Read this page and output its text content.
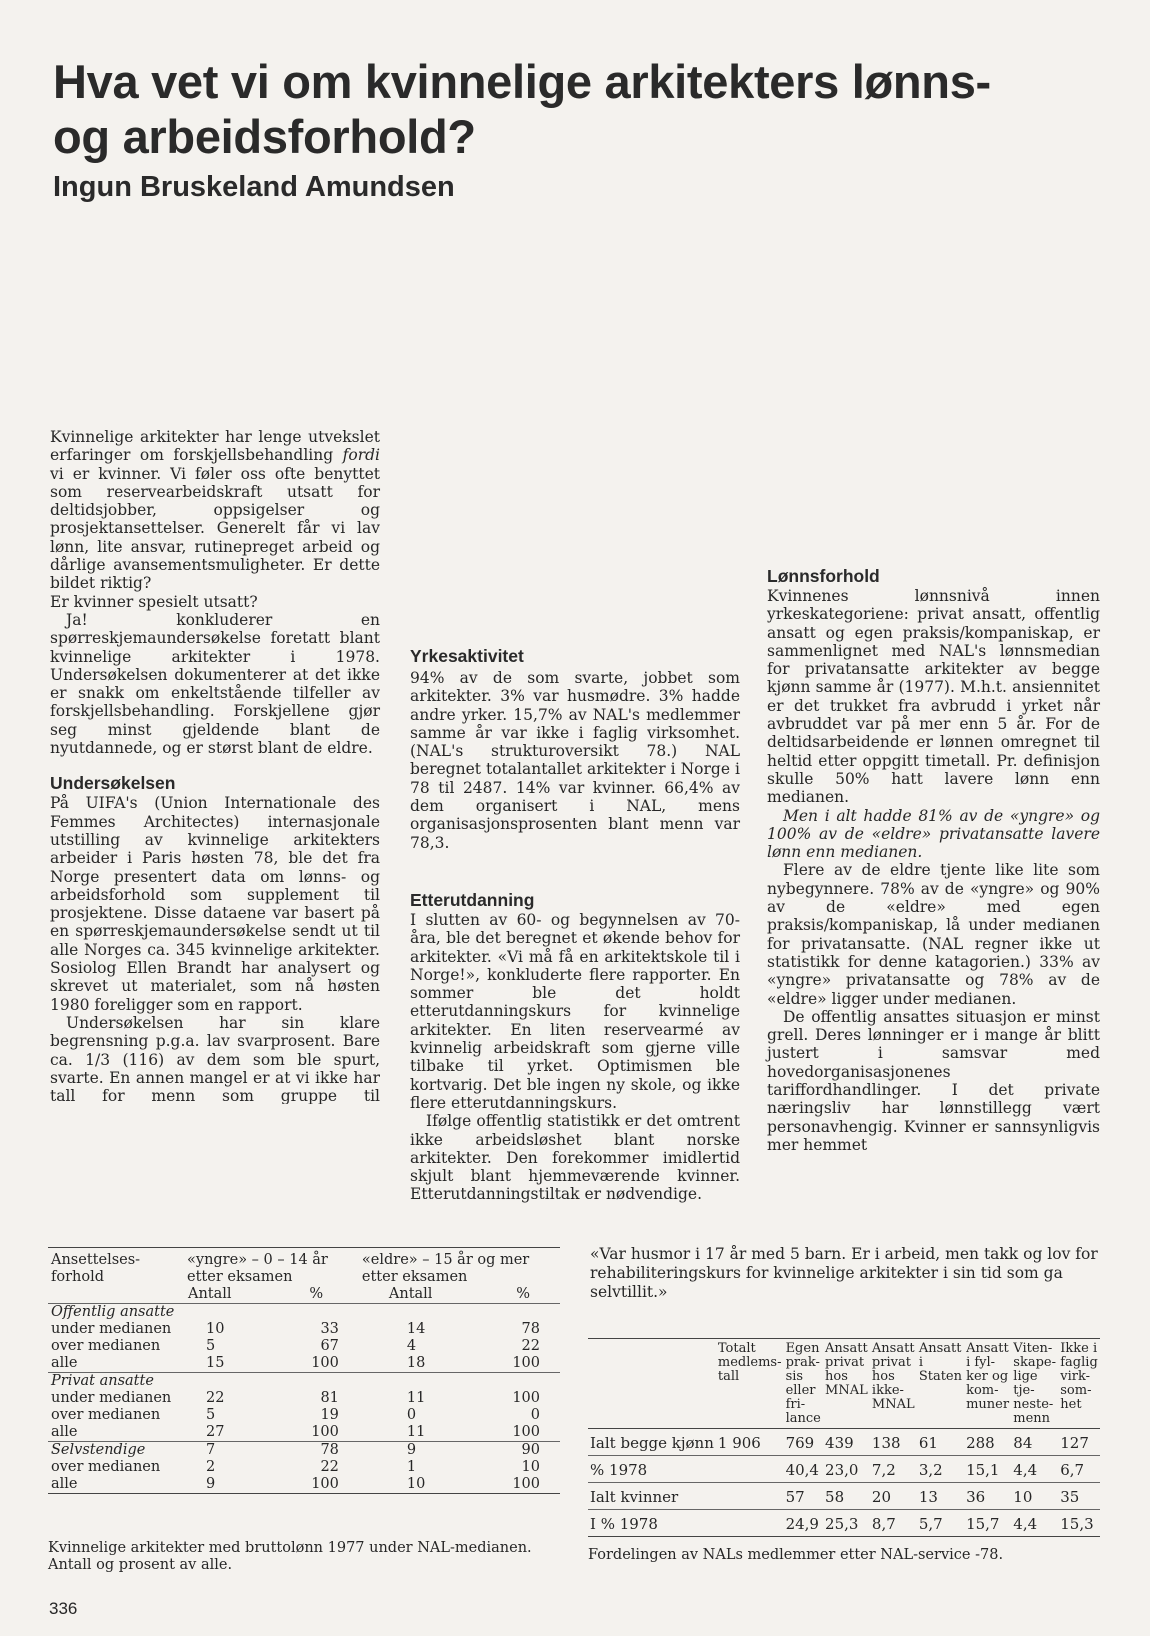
Hva vet vi om kvinnelige arkitekters lønns- og arbeidsforhold?
Ingun Bruskeland Amundsen

Kvinnelige arkitekter har lenge utvekslet erfaringer om forskjellsbehandling fordi vi er kvinner. Vi føler oss ofte benyttet som reservearbeidskraft utsatt for deltidsjobber, oppsigelser og prosjektansettelser. Generelt får vi lav lønn, lite ansvar, rutinepreget arbeid og dårlige avansementsmuligheter. Er dette bildet riktig?

Er kvinner spesielt utsatt?

Ja! konkluderer en spørreskjemaundersøkelse foretatt blant kvinnelige arkitekter i 1978. Undersøkelsen dokumenterer at det ikke er snakk om enkeltstående tilfeller av forskjellsbehandling. Forskjellene gjør seg minst gjeldende blant de nyutdannede, og er størst blant de eldre.

Undersøkelsen

På UIFA's (Union Internationale des Femmes Architectes) internasjonale utstilling av kvinnelige arkitekters arbeider i Paris høsten 78, ble det fra Norge presentert data om lønns- og arbeidsforhold som supplement til prosjektene. Disse dataene var basert på en spørreskjemaundersøkelse sendt ut til alle Norges ca. 345 kvinnelige arkitekter. Sosiolog Ellen Brandt har analysert og skrevet ut materialet, som nå høsten 1980 foreligger som en rapport.

Undersøkelsen har sin klare begrensning p.g.a. lav svarprosent. Bare ca. 1/3 (116) av dem som ble spurt, svarte. En annen mangel er at vi ikke har tall for menn som gruppe til

Yrkesaktivitet

94% av de som svarte, jobbet som arkitekter. 3% var husmødre. 3% hadde andre yrker. 15,7% av NAL's medlemmer samme år var ikke i faglig virksomhet. (NAL's strukturoversikt 78.) NAL beregnet totalantallet arkitekter i Norge i 78 til 2487. 14% var kvinner. 66,4% av dem organisert i NAL, mens organisasjonsprosenten blant menn var 78,3.

Etterutdanning

I slutten av 60- og begynnelsen av 70-åra, ble det beregnet et økende behov for arkitekter. «Vi må få en arkitektskole til i Norge!», konkluderte flere rapporter. En sommer ble det holdt etterutdanningskurs for kvinnelige arkitekter. En liten reservearmé av kvinnelig arbeidskraft som gjerne ville tilbake til yrket. Optimismen ble kortvarig. Det ble ingen ny skole, og ikke flere etterutdanningskurs.

Ifølge offentlig statistikk er det omtrent ikke arbeidsløshet blant norske arkitekter. Den forekommer imidlertid skjult blant hjemmeværende kvinner. Etterutdanningstiltak er nødvendige.

Lønnsforhold

Kvinnenes lønnsnivå innen yrkeskategoriene: privat ansatt, offentlig ansatt og egen praksis/kompaniskap, er sammenlignet med NAL's lønnsmedian for privatansatte arkitekter av begge kjønn samme år (1977). M.h.t. ansiennitet er det trukket fra avbrudd i yrket når avbruddet var på mer enn 5 år. For de deltidsarbeidende er lønnen omregnet til heltid etter oppgitt timetall. Pr. definisjon skulle 50% hatt lavere lønn enn medianen.

Men i alt hadde 81% av de «yngre» og 100% av de «eldre» privatansatte lavere lønn enn medianen.

Flere av de eldre tjente like lite som nybegynnere. 78% av de «yngre» og 90% av de «eldre» med egen praksis/kompaniskap, lå under medianen for privatansatte. (NAL regner ikke ut statistikk for denne katagorien.) 33% av «yngre» privatansatte og 78% av de «eldre» ligger under medianen.

De offentlig ansattes situasjon er minst grell. Deres lønninger er i mange år blitt justert i samsvar med hovedorganisasjonenes tariffordhandlinger. I det private næringsliv har lønnstillegg vært personavhengig. Kvinner er sannsynligvis mer hemmet

Ansettelses-forhold	«yngre» – 0 – 14 år etter eksamen		«eldre» – 15 år og mer etter eksamen	
	Antall	%	Antall	%
Offentlig ansatte				
under medianen	10	33	14	78
over medianen	5	67	4	22
alle	15	100	18	100
Privat ansatte				
under medianen	22	81	11	100
over medianen	5	19	0	0
alle	27	100	11	100
Selvstendige	7	78	9	90
over medianen	2	22	1	10
alle	9	100	10	100

Kvinnelige arkitekter med bruttolønn 1977 under NAL-medianen. Antall og prosent av alle.

«Var husmor i 17 år med 5 barn. Er i arbeid, men takk og lov for rehabiliteringskurs for kvinnelige arkitekter i sin tid som ga selvtillit.»

	Totalt medlems-tall	Egen prak-sis eller fri-lance	Ansatt privat hos MNAL	Ansatt privat hos ikke-MNAL	Ansatt i Staten	Ansatt i fyl-ker og kom-muner	Viten-skape-lige tje-neste-menn	Ikke i faglig virk-som-het
Ialt begge kjønn	1 906	769	439	138	61	288	84	127
% 1978		40,4	23,0	7,2	3,2	15,1	4,4	6,7
Ialt kvinner		57	58	20	13	36	10	35
I % 1978		24,9	25,3	8,7	5,7	15,7	4,4	15,3

Fordelingen av NALs medlemmer etter NAL-service -78.

336
